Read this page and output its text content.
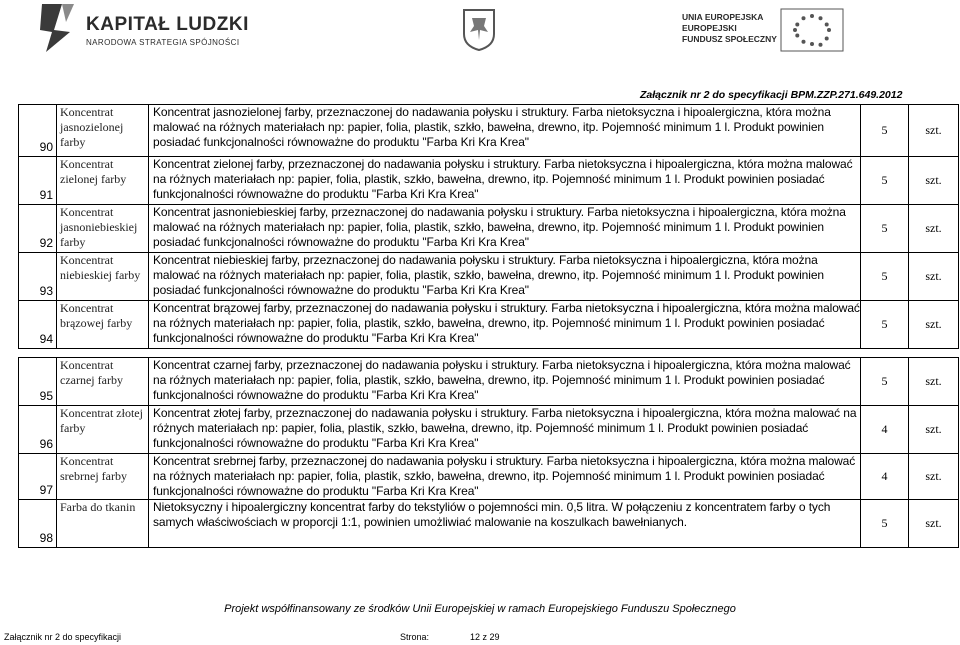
KAPITAŁ LUDZKI
NARODOWA STRATEGIA SPÓJNOŚCI
UNIA EUROPEJSKA
EUROPEJSKI
FUNDUSZ SPOŁECZNY
Załącznik nr 2 do specyfikacji BPM.ZZP.271.649.2012
90	Koncentrat jasnozielonej farby	Koncentrat jasnozielonej farby, przeznaczonej do nadawania połysku i struktury. Farba nietoksyczna i hipoalergiczna, która można malować na różnych materiałach np: papier, folia, plastik, szkło, bawełna, drewno, itp. Pojemność minimum 1 l. Produkt powinien posiadać funkcjonalności równoważne do produktu "Farba Kri Kra Krea"	5	szt.
91	Koncentrat zielonej farby	Koncentrat zielonej farby, przeznaczonej do nadawania połysku i struktury. Farba nietoksyczna i hipoalergiczna, która można malować na różnych materiałach np: papier, folia, plastik, szkło, bawełna, drewno, itp. Pojemność minimum 1 l. Produkt powinien posiadać funkcjonalności równoważne do produktu "Farba Kri Kra Krea"	5	szt.
92	Koncentrat jasnoniebieskiej farby	Koncentrat jasnoniebieskiej farby, przeznaczonej do nadawania połysku i struktury. Farba nietoksyczna i hipoalergiczna, która można malować na różnych materiałach np: papier, folia, plastik, szkło, bawełna, drewno, itp. Pojemność minimum 1 l. Produkt powinien posiadać funkcjonalności równoważne do produktu "Farba Kri Kra Krea"	5	szt.
93	Koncentrat niebieskiej farby	Koncentrat niebieskiej farby, przeznaczonej do nadawania połysku i struktury. Farba nietoksyczna i hipoalergiczna, która można malować na różnych materiałach np: papier, folia, plastik, szkło, bawełna, drewno, itp. Pojemność minimum 1 l. Produkt powinien posiadać funkcjonalności równoważne do produktu "Farba Kri Kra Krea"	5	szt.
94	Koncentrat brązowej farby	Koncentrat brązowej farby, przeznaczonej do nadawania połysku i struktury. Farba nietoksyczna i hipoalergiczna, która można malować na różnych materiałach np: papier, folia, plastik, szkło, bawełna, drewno, itp. Pojemność minimum 1 l. Produkt powinien posiadać funkcjonalności równoważne do produktu "Farba Kri Kra Krea"	5	szt.

95	Koncentrat czarnej farby	Koncentrat czarnej farby, przeznaczonej do nadawania połysku i struktury. Farba nietoksyczna i hipoalergiczna, która można malować na różnych materiałach np: papier, folia, plastik, szkło, bawełna, drewno, itp. Pojemność minimum 1 l. Produkt powinien posiadać funkcjonalności równoważne do produktu "Farba Kri Kra Krea"	5	szt.
96	Koncentrat złotej farby	Koncentrat złotej farby, przeznaczonej do nadawania połysku i struktury. Farba nietoksyczna i hipoalergiczna, która można malować na różnych materiałach np: papier, folia, plastik, szkło, bawełna, drewno, itp. Pojemność minimum 1 l. Produkt powinien posiadać funkcjonalności równoważne do produktu "Farba Kri Kra Krea"	4	szt.
97	Koncentrat srebrnej farby	Koncentrat srebrnej farby, przeznaczonej do nadawania połysku i struktury. Farba nietoksyczna i hipoalergiczna, która można malować na różnych materiałach np: papier, folia, plastik, szkło, bawełna, drewno, itp. Pojemność minimum 1 l. Produkt powinien posiadać funkcjonalności równoważne do produktu "Farba Kri Kra Krea"	4	szt.
98	Farba do tkanin	Nietoksyczny i hipoalergiczny koncentrat farby do tekstyliów o pojemności min. 0,5 litra. W połączeniu z koncentratem farby o tych samych właściwościach w proporcji 1:1, powinien umożliwiać malowanie na koszulkach bawełnianych.	5	szt.
Projekt współfinansowany ze środków Unii Europejskiej w ramach Europejskiego Funduszu Społecznego
Załącznik nr 2 do specyfikacji	Strona:	12 z 29
